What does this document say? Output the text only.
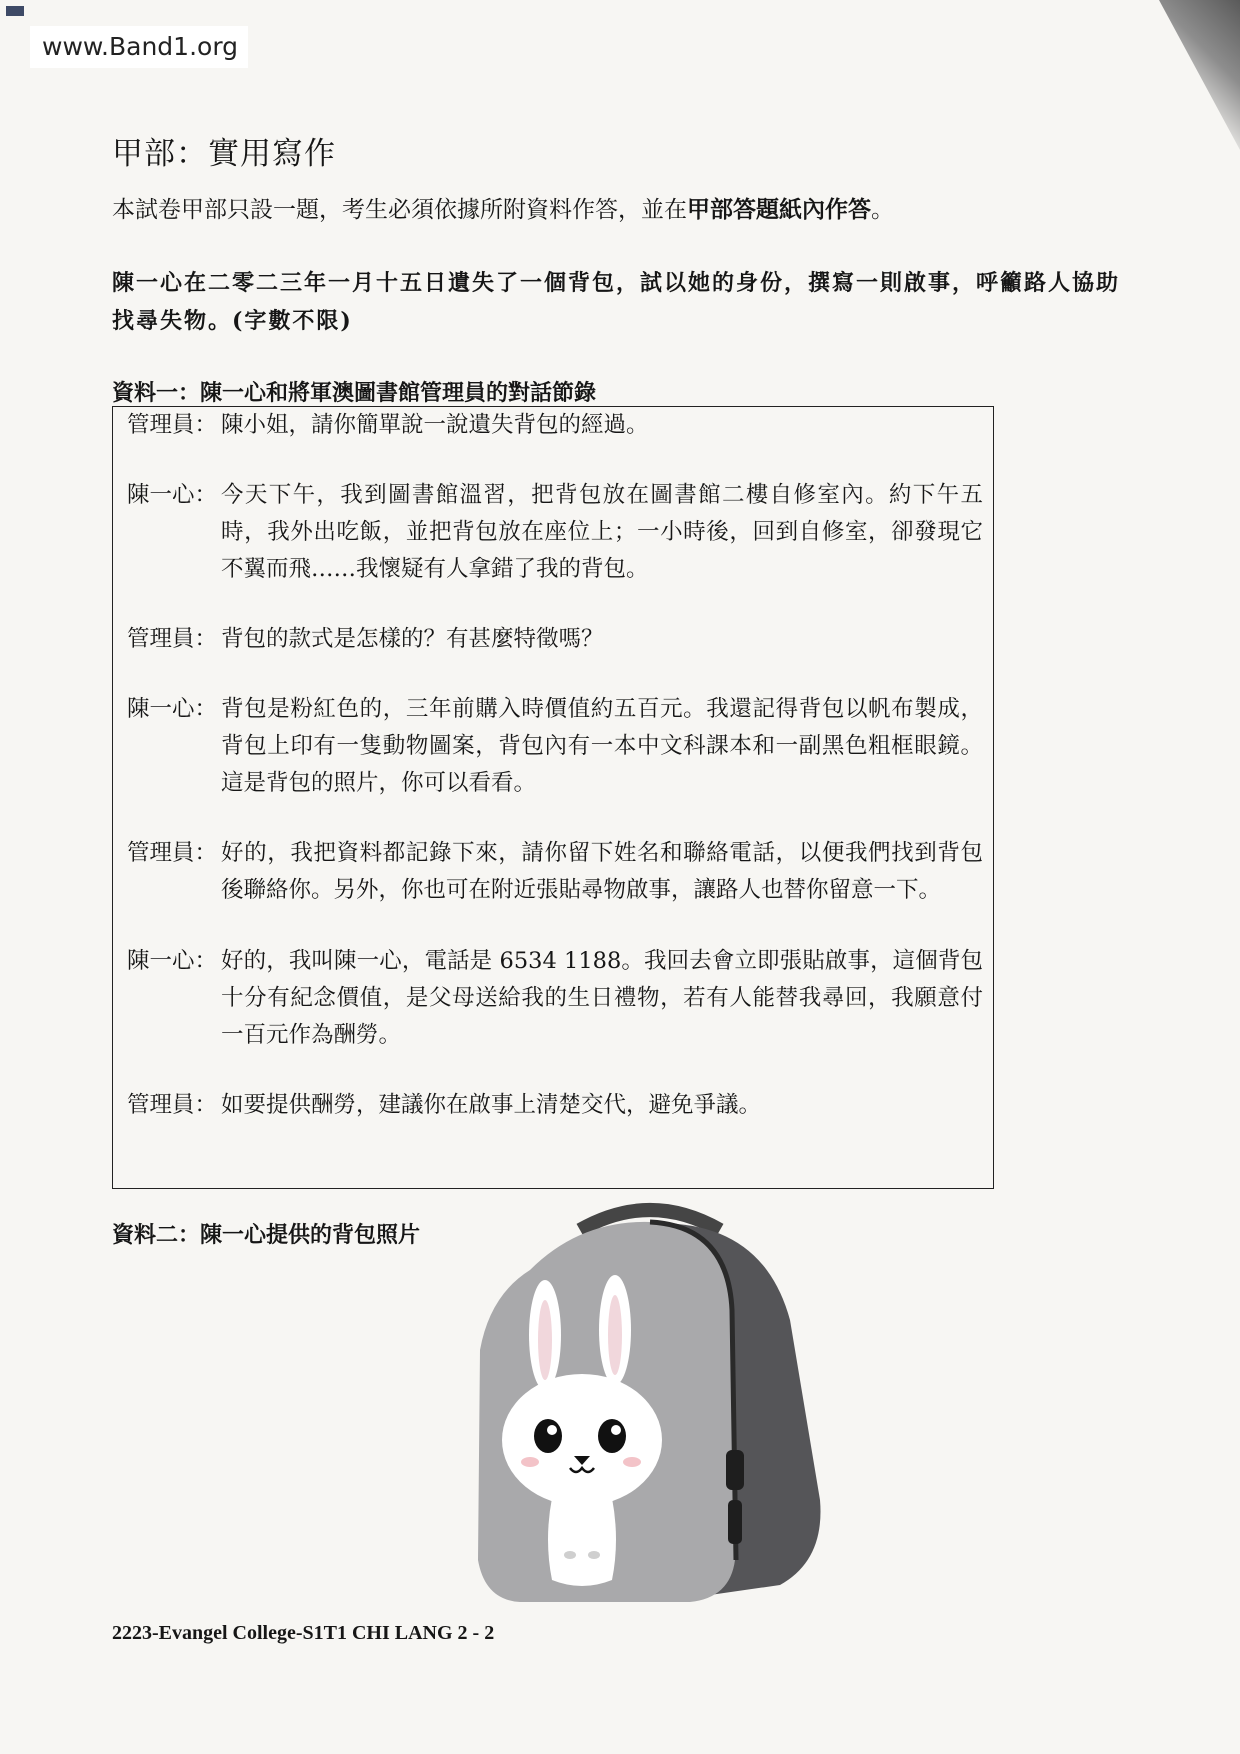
www.Band1.org
甲部：實用寫作
本試卷甲部只設一題，考生必須依據所附資料作答，並在甲部答題紙內作答。
陳一心在二零二三年一月十五日遺失了一個背包，試以她的身份，撰寫一則啟事，呼籲路人協助找尋失物。(字數不限)
資料一：陳一心和將軍澳圖書館管理員的對話節錄
管理員： 陳小姐，請你簡單說一說遺失背包的經過。
陳一心： 今天下午，我到圖書館溫習，把背包放在圖書館二樓自修室內。約下午五時，我外出吃飯，並把背包放在座位上；一小時後，回到自修室，卻發現它不翼而飛……我懷疑有人拿錯了我的背包。
管理員： 背包的款式是怎樣的？有甚麼特徵嗎？
陳一心： 背包是粉紅色的，三年前購入時價值約五百元。我還記得背包以帆布製成，背包上印有一隻動物圖案，背包內有一本中文科課本和一副黑色粗框眼鏡。這是背包的照片，你可以看看。
管理員： 好的，我把資料都記錄下來，請你留下姓名和聯絡電話，以便我們找到背包後聯絡你。另外，你也可在附近張貼尋物啟事，讓路人也替你留意一下。
陳一心： 好的，我叫陳一心，電話是 6534 1188。我回去會立即張貼啟事，這個背包十分有紀念價值，是父母送給我的生日禮物，若有人能替我尋回，我願意付一百元作為酬勞。
管理員： 如要提供酬勞，建議你在啟事上清楚交代，避免爭議。
資料二：陳一心提供的背包照片
2223-Evangel College-S1T1 CHI LANG 2 - 2
